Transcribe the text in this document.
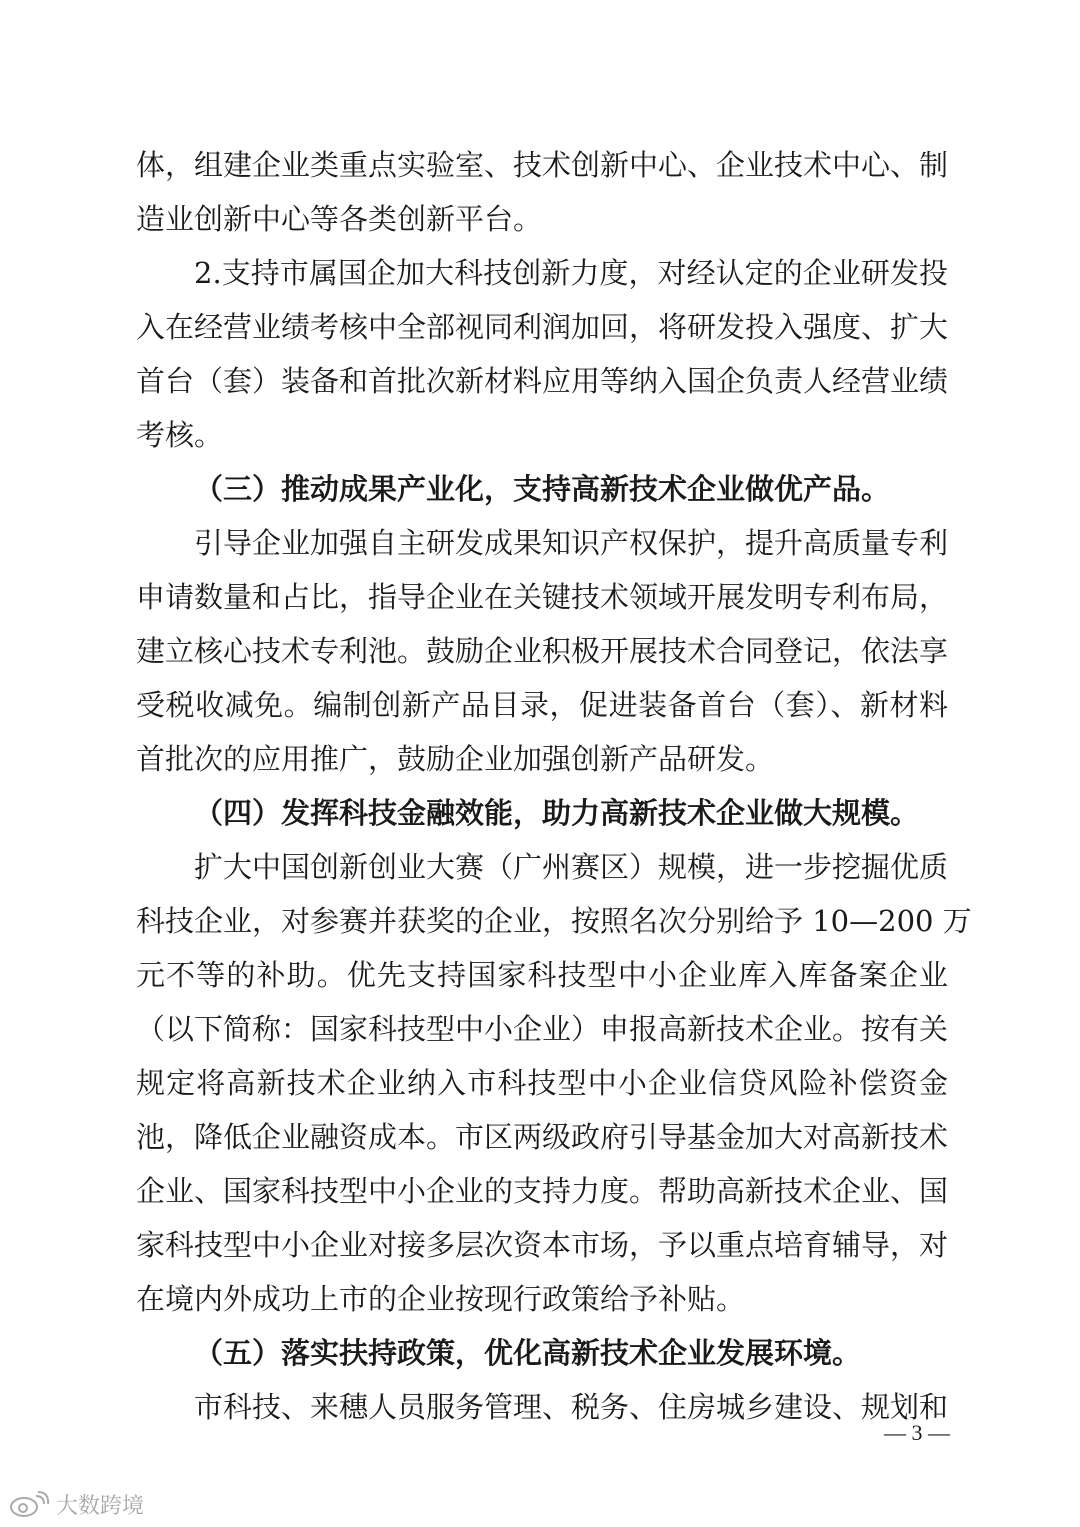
体，组建企业类重点实验室、技术创新中心、企业技术中心、制
造业创新中心等各类创新平台。
2.支持市属国企加大科技创新力度，对经认定的企业研发投
入在经营业绩考核中全部视同利润加回，将研发投入强度、扩大
首台（套）装备和首批次新材料应用等纳入国企负责人经营业绩
考核。
（三）推动成果产业化，支持高新技术企业做优产品。
引导企业加强自主研发成果知识产权保护，提升高质量专利
申请数量和占比，指导企业在关键技术领域开展发明专利布局，
建立核心技术专利池。鼓励企业积极开展技术合同登记，依法享
受税收减免。编制创新产品目录，促进装备首台（套）、新材料
首批次的应用推广，鼓励企业加强创新产品研发。
（四）发挥科技金融效能，助力高新技术企业做大规模。
扩大中国创新创业大赛（广州赛区）规模，进一步挖掘优质
科技企业，对参赛并获奖的企业，按照名次分别给予 10—200 万
元不等的补助。优先支持国家科技型中小企业库入库备案企业
（以下简称：国家科技型中小企业）申报高新技术企业。按有关
规定将高新技术企业纳入市科技型中小企业信贷风险补偿资金
池，降低企业融资成本。市区两级政府引导基金加大对高新技术
企业、国家科技型中小企业的支持力度。帮助高新技术企业、国
家科技型中小企业对接多层次资本市场，予以重点培育辅导，对
在境内外成功上市的企业按现行政策给予补贴。
（五）落实扶持政策，优化高新技术企业发展环境。
市科技、来穗人员服务管理、税务、住房城乡建设、规划和
— 3 —
大数跨境
